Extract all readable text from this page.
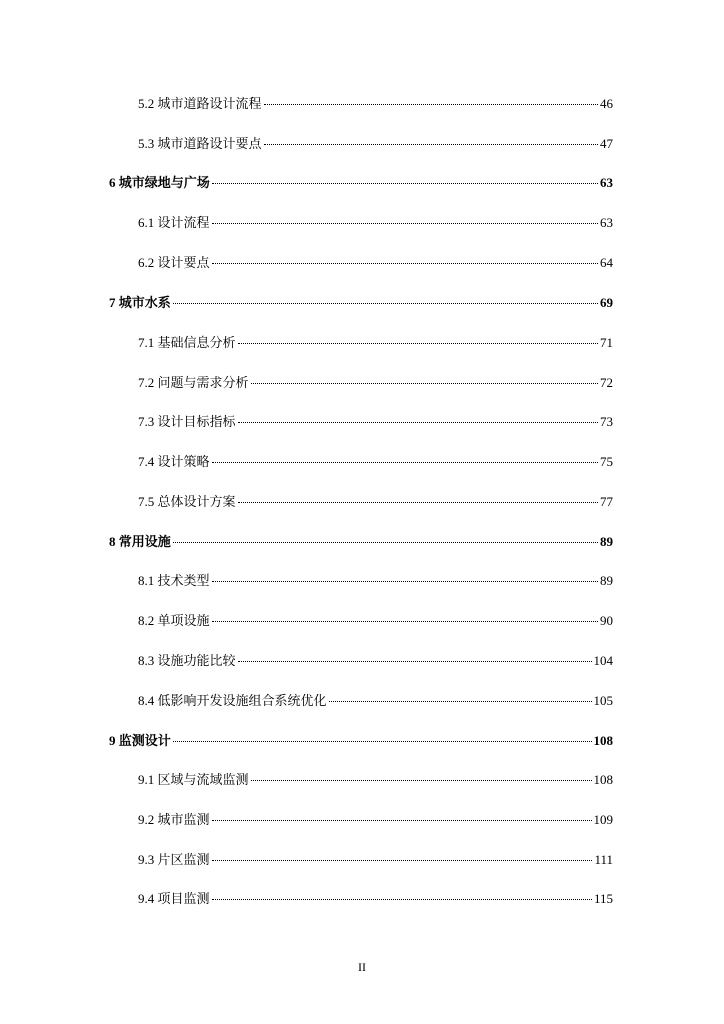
5.2 城市道路设计流程	46
5.3 城市道路设计要点	47
6 城市绿地与广场	63
6.1 设计流程	63
6.2 设计要点	64
7 城市水系	69
7.1 基础信息分析	71
7.2 问题与需求分析	72
7.3 设计目标指标	73
7.4 设计策略	75
7.5 总体设计方案	77
8 常用设施	89
8.1 技术类型	89
8.2 单项设施	90
8.3 设施功能比较	104
8.4 低影响开发设施组合系统优化	105
9 监测设计	108
9.1 区域与流域监测	108
9.2 城市监测	109
9.3 片区监测	111
9.4 项目监测	115
II
